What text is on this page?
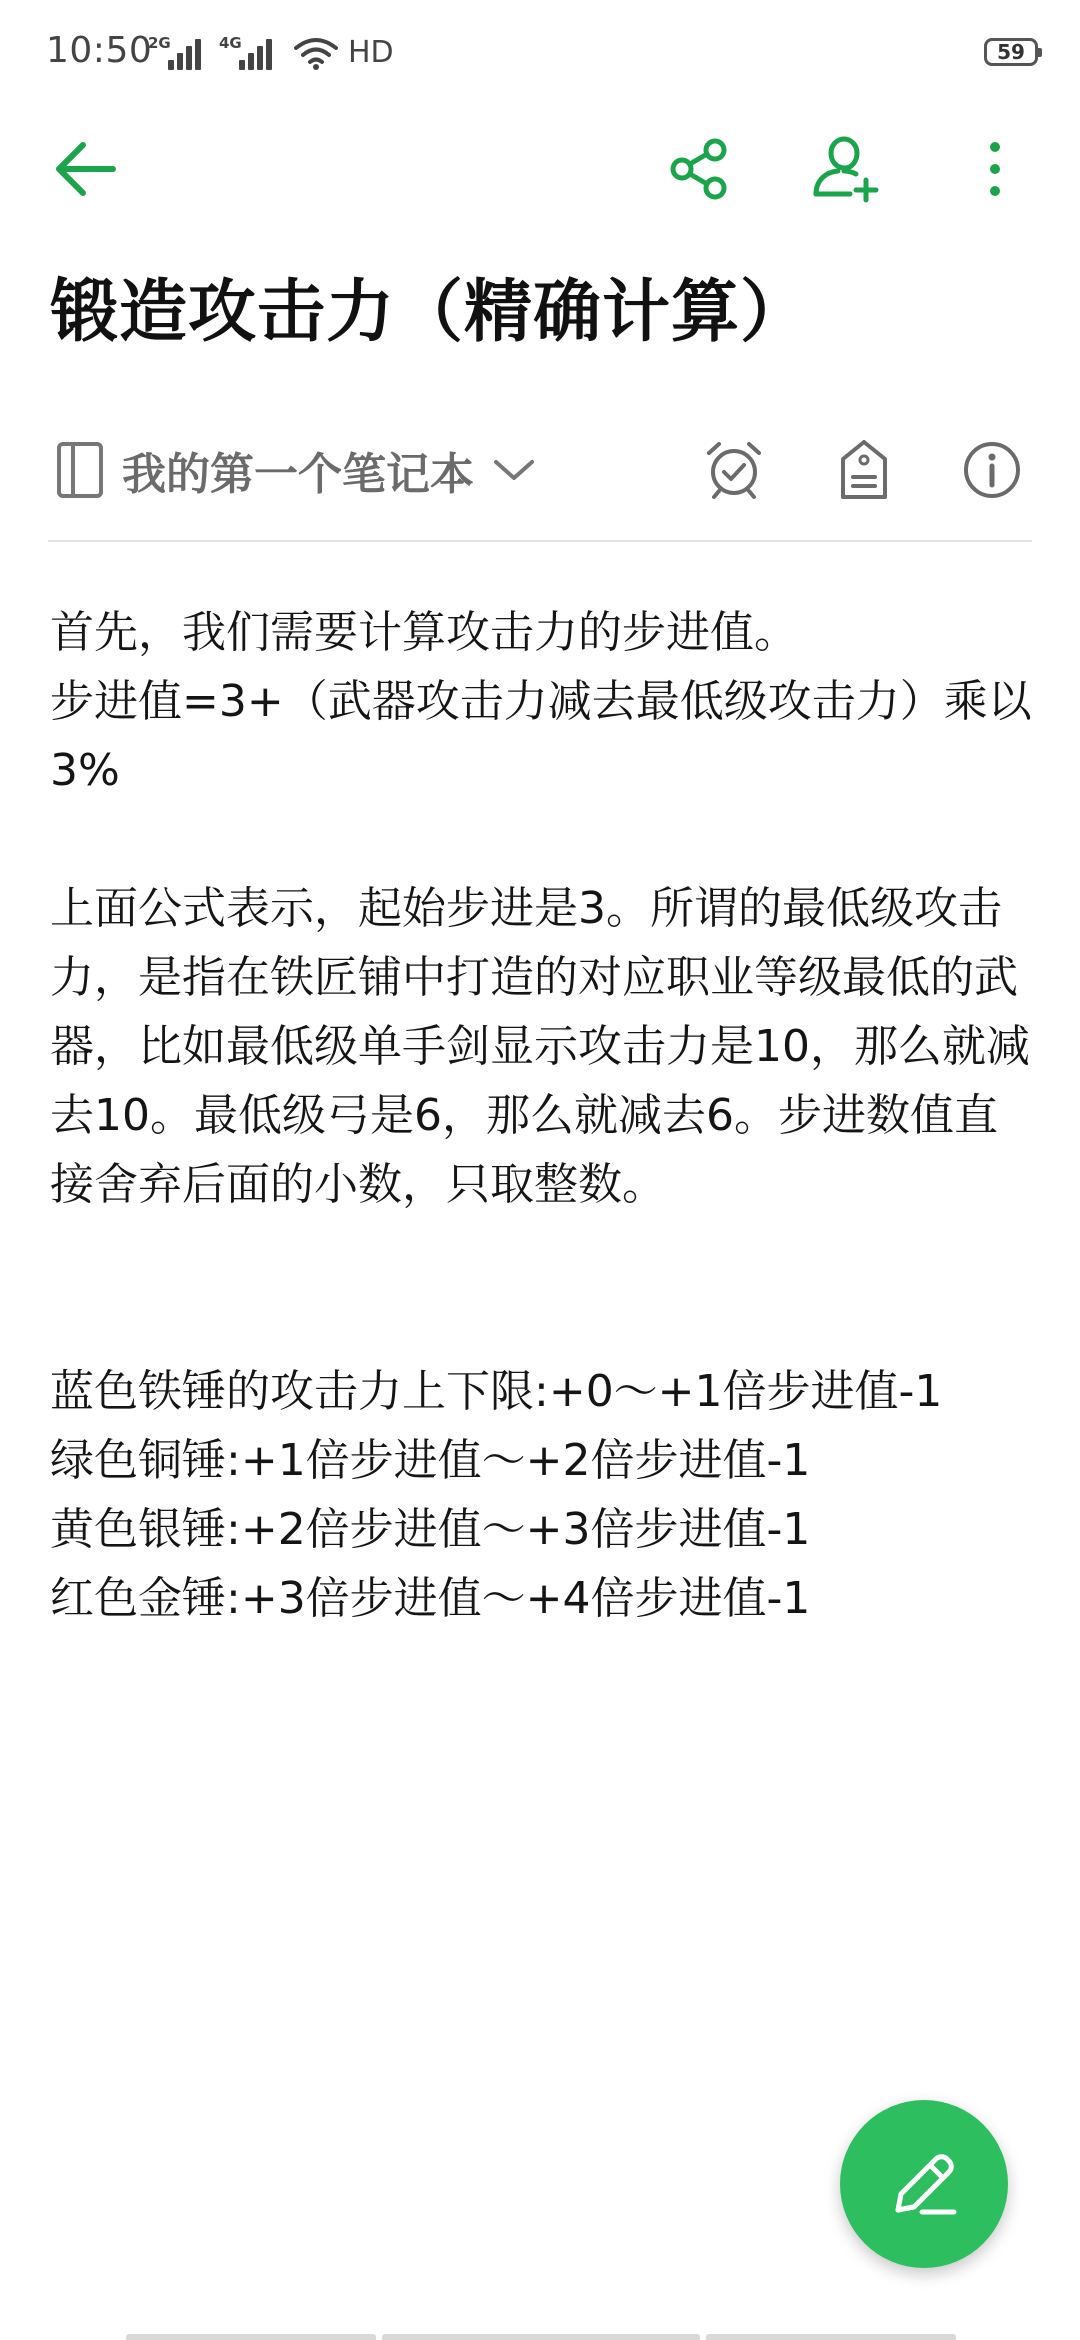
10:50
2G	4G	HD	59
锻造攻击力（精确计算）
我的第一个笔记本

首先，我们需要计算攻击力的步进值。

步进值=3+（武器攻击力减去最低级攻击力）乘以3%

上面公式表示，起始步进是3。所谓的最低级攻击力，是指在铁匠铺中打造的对应职业等级最低的武器，比如最低级单手剑显示攻击力是10，那么就减去10。最低级弓是6，那么就减去6。步进数值直接舍弃后面的小数，只取整数。

蓝色铁锤的攻击力上下限:+0～+1倍步进值-1

绿色铜锤:+1倍步进值～+2倍步进值-1

黄色银锤:+2倍步进值～+3倍步进值-1

红色金锤:+3倍步进值～+4倍步进值-1
